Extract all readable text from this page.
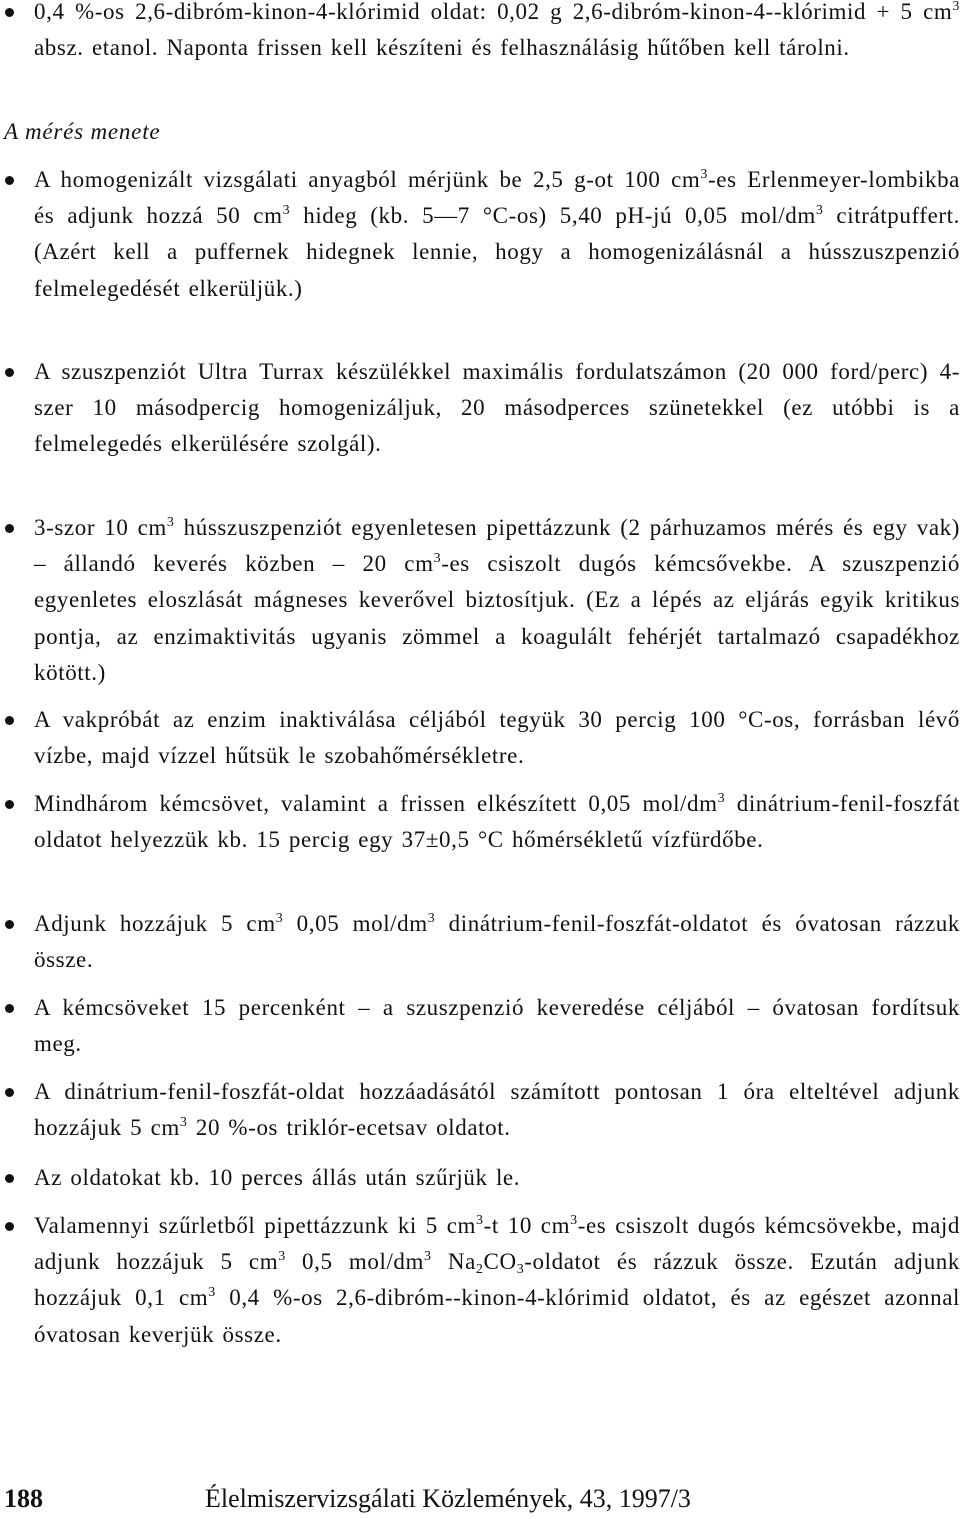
0,4 %-os 2,6-dibróm-kinon-4-klórimid oldat: 0,02 g 2,6-dibróm-kinon-4--klórimid + 5 $cm^3$ absz. etanol. Naponta frissen kell készíteni és felhasználásig hűtőben kell tárolni.
A mérés menete
A homogenizált vizsgálati anyagból mérjünk be 2,5 g-ot 100 $cm^3-es$ Erlenmeyer-lombikba és adjunk hozzá 50 $cm^3$ hideg (kb. 5—7 °C-os) 5,40 pH-jú 0,05 mol/$dm^3$ citrátpuffert. (Azért kell a puffernek hidegnek lennie, hogy a homogenizálásnál a hússzuszpenzió felmelegedését elkerüljük.)
A szuszpenziót Ultra Turrax készülékkel maximális fordulatszámon (20 000 ford/perc) 4-szer 10 másodpercig homogenizáljuk, 20 másodperces szünetekkel (ez utóbbi is a felmelegedés elkerülésére szolgál).
3-szor 10 $cm^3$ hússzuszpenziót egyenletesen pipettázzunk (2 párhuzamos mérés és egy vak) – állandó keverés közben – 20 $cm^3-es$ csiszolt dugós kémcsővekbe. A szuszpenzió egyenletes eloszlását mágneses keverővel biztosítjuk. (Ez a lépés az eljárás egyik kritikus pontja, az enzimaktivitás ugyanis zömmel a koagulált fehérjét tartalmazó csapadékhoz kötött.)
A vakpróbát az enzim inaktiválása céljából tegyük 30 percig 100 °C-os, forrásban lévő vízbe, majd vízzel hűtsük le szobahőmérsékletre.
Mindhárom kémcsövet, valamint a frissen elkészített 0,05 mol/$dm^3$ dinátrium-fenil-foszfát oldatot helyezzük kb. 15 percig egy 37±0,5 °C hőmérsékletű vízfürdőbe.
Adjunk hozzájuk 5 $cm^3$ 0,05 mol/$dm^3$ dinátrium-fenil-foszfát-oldatot és óvatosan rázzuk össze.
A kémcsöveket 15 percenként – a szuszpenzió keveredése céljából – óvatosan fordítsuk meg.
A dinátrium-fenil-foszfát-oldat hozzáadásától számított pontosan 1 óra elteltével adjunk hozzájuk 5 $cm^3$ 20 %-os triklór-ecetsav oldatot.
Az oldatokat kb. 10 perces állás után szűrjük le.
Valamennyi szűrletből pipettázzunk ki 5 $cm^3-t$ 10 $cm^3-es$ csiszolt dugós kémcsövekbe, majd adjunk hozzájuk 5 $cm^3$ 0,5 mol/$dm^3$ $Na_2CO_3$-oldatot és rázzuk össze. Ezután adjunk hozzájuk 0,1 $cm^3$ 0,4 %-os 2,6-dibróm--kinon-4-klórimid oldatot, és az egészet azonnal óvatosan keverjük össze.
188	Élelmiszervizsgálati Közlemények, 43, 1997/3
